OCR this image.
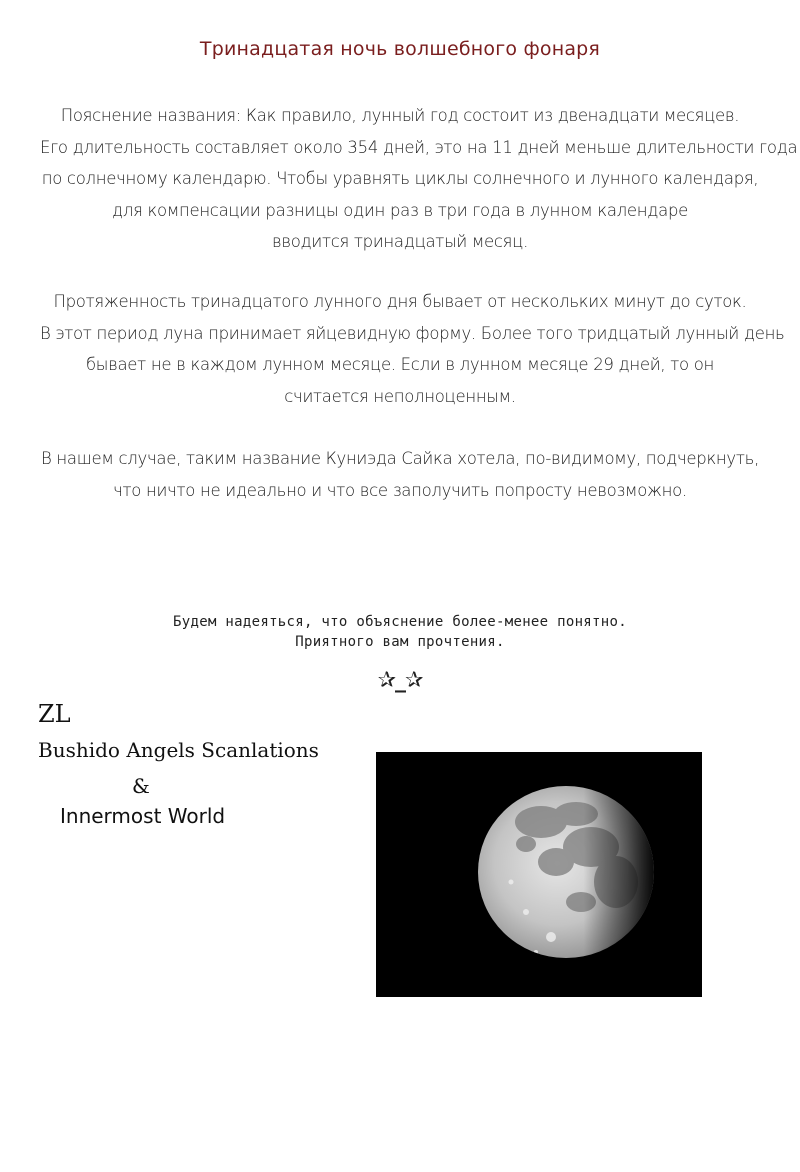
Тринадцатая ночь волшебного фонаря
Пояснение названия: Как правило, лунный год состоит из двенадцати месяцев.
Его длительность составляет около 354 дней, это на 11 дней меньше длительности года
по солнечному календарю. Чтобы уравнять циклы солнечного и лунного календаря,
для компенсации разницы один раз в три года в лунном календаре
вводится тринадцатый месяц.
Протяженность тринадцатого лунного дня бывает от нескольких минут до суток.
В этот период луна принимает яйцевидную форму. Более того тридцатый лунный день
бывает не в каждом лунном месяце. Если в лунном месяце 29 дней, то он
считается неполноценным.
В нашем случае, таким название Куниэда Сайка хотела, по-видимому, подчеркнуть,
что ничто не идеально и что все заполучить попросту невозможно.
Будем надеяться, что объяснение более-менее понятно.
Приятного вам прочтения.
✰_✰
ZL
Bushido Angels Scanlations
&
Innermost World
